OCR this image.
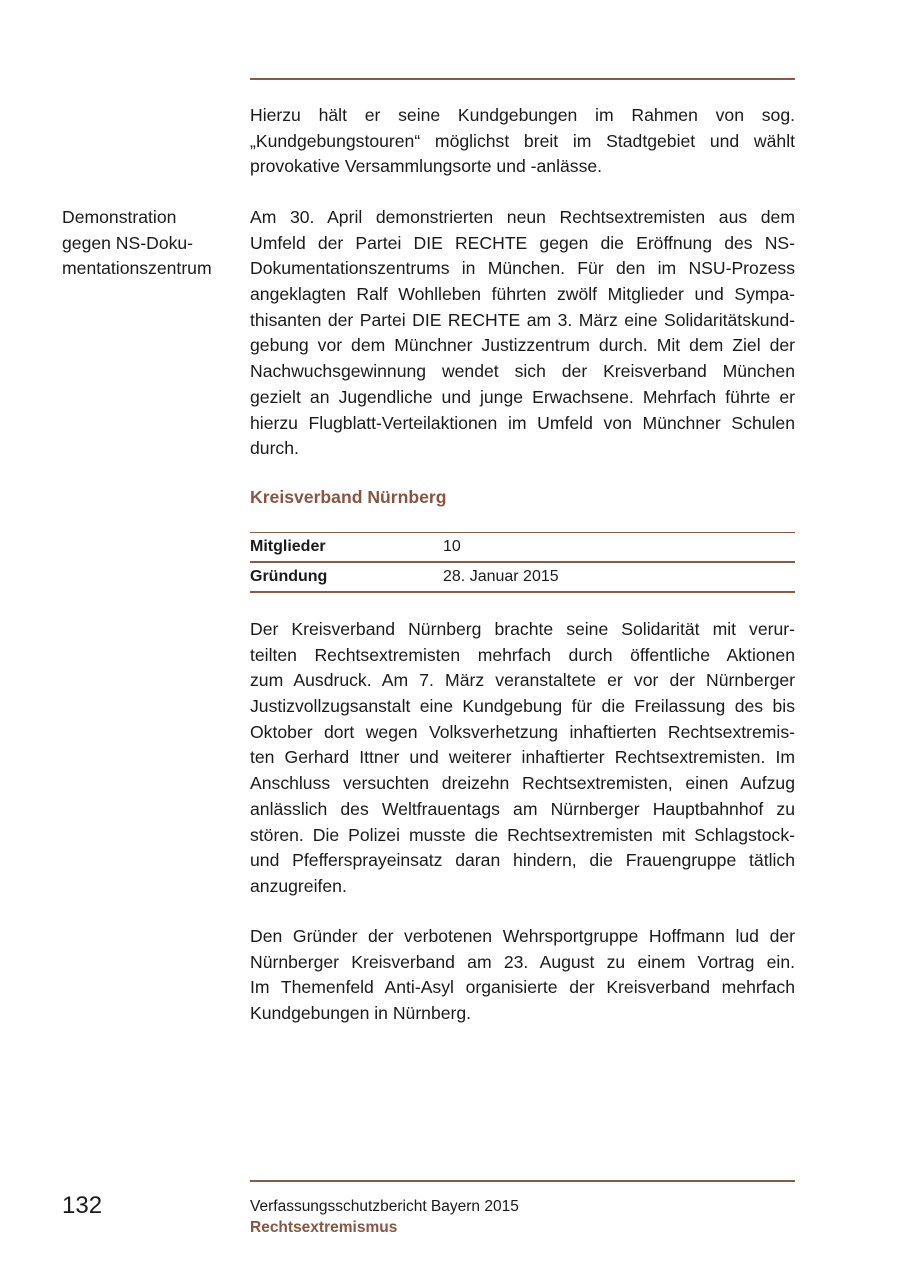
Hierzu hält er seine Kundgebungen im Rahmen von sog.
„Kundgebungstouren“ möglichst breit im Stadtgebiet und wählt
provokative Versammlungsorte und -anlässe.
Demonstration
gegen NS-Doku-
mentationszentrum
Am 30. April demonstrierten neun Rechtsextremisten aus dem
Umfeld der Partei DIE RECHTE gegen die Eröffnung des NS-
Dokumentationszentrums in München. Für den im NSU-Prozess
angeklagten Ralf Wohlleben führten zwölf Mitglieder und Sympa-
thisanten der Partei DIE RECHTE am 3. März eine Solidaritätskund-
gebung vor dem Münchner Justizzentrum durch. Mit dem Ziel der
Nachwuchsgewinnung wendet sich der Kreisverband München
gezielt an Jugendliche und junge Erwachsene. Mehrfach führte er
hierzu Flugblatt-Verteilaktionen im Umfeld von Münchner Schulen
durch.
Kreisverband Nürnberg
Mitglieder	10
Gründung	28. Januar 2015
Der Kreisverband Nürnberg brachte seine Solidarität mit verur-
teilten Rechtsextremisten mehrfach durch öffentliche Aktionen
zum Ausdruck. Am 7. März veranstaltete er vor der Nürnberger
Justizvollzugsanstalt eine Kundgebung für die Freilassung des bis
Oktober dort wegen Volksverhetzung inhaftierten Rechtsextremis-
ten Gerhard Ittner und weiterer inhaftierter Rechtsextremisten. Im
Anschluss versuchten dreizehn Rechtsextremisten, einen Aufzug
anlässlich des Weltfrauentags am Nürnberger Hauptbahnhof zu
stören. Die Polizei musste die Rechtsextremisten mit Schlagstock-
und Pfeffersprayeinsatz daran hindern, die Frauengruppe tätlich
anzugreifen.
Den Gründer der verbotenen Wehrsportgruppe Hoffmann lud der
Nürnberger Kreisverband am 23. August zu einem Vortrag ein.
Im Themenfeld Anti-Asyl organisierte der Kreisverband mehrfach
Kundgebungen in Nürnberg.
132	Verfassungsschutzbericht Bayern 2015
Rechtsextremismus
